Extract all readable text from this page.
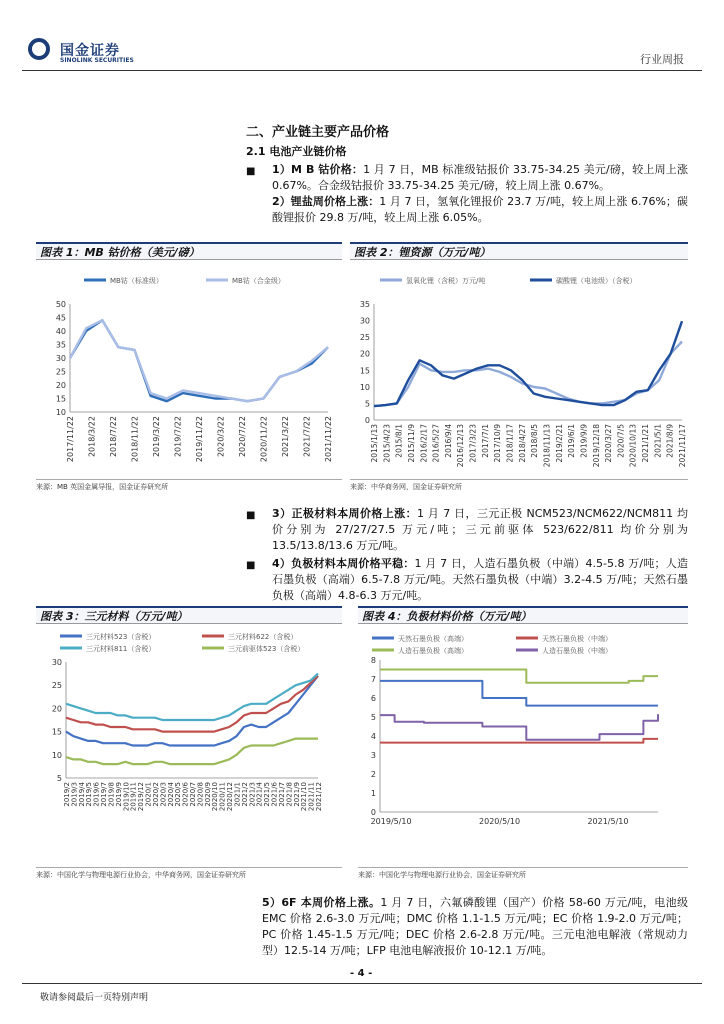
国金证券
SINOLINK SECURITIES	行业周报
二、产业链主要产品价格
2.1 电池产业链价格
■ 1）M B 钴价格：1 月 7 日，MB 标准级钴报价 33.75-34.25 美元/磅，较上周上涨 0.67%。合金级钴报价 33.75-34.25 美元/磅，较上周上涨 0.67%。
2）锂盐周价格上涨：1 月 7 日，氢氧化锂报价 23.7 万/吨，较上周上涨 6.76%；碳酸锂报价 29.8 万/吨，较上周上涨 6.05%。
图表 1：MB 钴价格（美元/磅）	图表 2：锂资源（万元/吨）
MB钴（标准级）	MB钴（合金级）
10
15
20
25
30
35
40
45
50
2017/11/22 2018/3/22 2018/7/22 2018/11/22 2019/3/22 2019/7/22 2019/11/22 2020/3/22 2020/7/22 2020/11/22 2021/3/22 2021/7/22 2021/11/22
氢氧化锂（含税）万元/吨	碳酸锂（电池级）（含税）
0
5
10
15
20
25
30
35
2015/1/13 2015/4/23 2015/8/1 2015/11/9 2016/2/17 2016/5/27 2016/9/4 2016/12/13 2017/3/23 2017/7/1 2017/10/9 2018/1/17 2018/4/27 2018/8/5 2018/11/13 2019/2/21 2019/6/1 2019/9/9 2019/12/18 2020/3/27 2020/7/5 2020/10/13 2021/1/21 2021/5/1 2021/8/9 2021/11/17
来源：MB 英国金属导报，国金证券研究所	来源：中华商务网，国金证券研究所
■ 3）正极材料本周价格上涨：1 月 7 日，三元正极 NCM523/NCM622/NCM811 均价分别为 27/27/27.5 万元/吨；三元前驱体 523/622/811 均价分别为 13.5/13.8/13.6 万元/吨。
■ 4）负极材料本周价格平稳：1 月 7 日，人造石墨负极（中端）4.5-5.8 万/吨；人造石墨负极（高端）6.5-7.8 万元/吨。天然石墨负极（中端）3.2-4.5 万/吨；天然石墨负极（高端）4.8-6.3 万元/吨。
图表 3：三元材料（万元/吨）	图表 4：负极材料价格（万元/吨）
三元材料523（含税）	三元材料622（含税）
三元材料811（含税）	三元前驱体523（含税）
5
10
15
20
25
30
2019/2 2019/3 2019/4 2019/5 2019/6 2019/7 2019/8 2019/9 2019/10 2019/11 2019/12 2020/1 2020/2 2020/3 2020/4 2020/5 2020/6 2020/7 2020/8 2020/9 2020/10 2020/11 2020/12 2021/1 2021/2 2021/3 2021/4 2021/5 2021/6 2021/7 2021/8 2021/9 2021/10 2021/11 2021/12
天然石墨负极（高端）	天然石墨负极（中端）
人造石墨负极（高端）	人造石墨负极（中端）
0
1
2
3
4
5
6
7
8
2019/5/10	2020/5/10	2021/5/10
来源：中国化学与物理电源行业协会，中华商务网，国金证券研究所	来源：中国化学与物理电源行业协会，国金证券研究所
5）6F 本周价格上涨。1 月 7 日，六氟磷酸锂（国产）价格 58-60 万元/吨，电池级 EMC 价格 2.6-3.0 万元/吨；DMC 价格 1.1-1.5 万元/吨；EC 价格 1.9-2.0 万元/吨；PC 价格 1.45-1.5 万元/吨；DEC 价格 2.6-2.8 万元/吨。三元电池电解液（常规动力型）12.5-14 万/吨；LFP 电池电解液报价 10-12.1 万/吨。
- 4 -
敬请参阅最后一页特别声明
